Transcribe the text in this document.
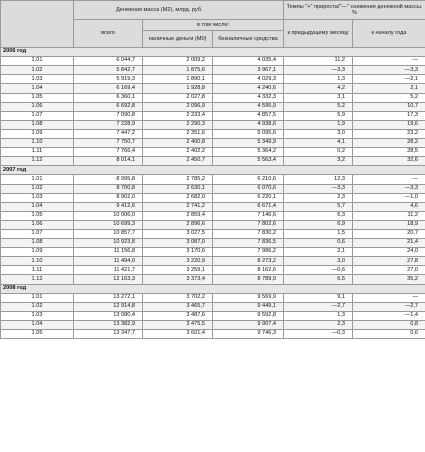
	Денежная масса (М2), млрд. руб.			Темпы "+" прироста/"—" снижения денежной массы, %	
	всего	в том числе:		к предыдущему месяцу	к началу года
		наличные деньги (М0)	безналичные средства		
2006 год					
1.01	6 044,7	2 009,2	4 035,4	11,2	—
1.02	5 842,7	1 875,6	3 967,1	—3,3	—3,3
1.03	5 919,3	1 890,1	4 029,3	1,3	—2,1
1.04	6 169,4	1 928,8	4 240,6	4,2	2,1
1.05	6 360,1	2 027,8	4 332,3	3,1	5,2
1.06	6 692,8	2 096,9	4 595,9	5,2	10,7
1.07	7 090,8	2 233,4	4 857,5	5,9	17,3
1.08	7 228,9	2 290,3	4 938,6	1,9	19,6
1.09	7 447,2	2 351,6	5 095,6	3,0	23,2
1.10	7 750,7	2 400,8	5 349,9	4,1	28,2
1.11	7 766,4	2 402,2	5 364,2	0,2	28,5
1.12	8 014,1	2 450,7	5 563,4	3,2	32,6
2007 год					
1.01	8 995,8	2 785,2	6 210,6	12,3	—
1.02	8 700,8	2 630,1	6 070,6	—3,3	—3,3
1.03	8 902,0	2 682,0	6 220,1	2,3	—1,0
1.04	9 412,6	2 741,2	6 671,4	5,7	4,6
1.05	10 006,0	2 859,4	7 146,6	6,3	11,2
1.06	10 699,3	2 896,6	7 802,6	6,9	18,9
1.07	10 857,7	3 027,5	7 830,2	1,5	20,7
1.08	10 923,8	3 087,0	7 836,5	0,6	21,4
1.09	11 156,8	3 170,6	7 986,2	2,1	24,0
1.10	11 494,0	3 220,9	8 273,2	3,0	27,8
1.11	11 421,7	3 259,1	8 162,6	—0,6	27,0
1.12	12 163,3	3 373,4	8 789,9	6,5	35,2
2008 год					
1.01	13 272,1	3 702,2	9 569,9	9,1	—
1.02	12 914,8	3 465,7	9 449,1	—2,7	—2,7
1.03	13 080,4	3 487,6	9 592,8	1,3	—1,4
1.04	13 382,9	3 475,5	9 907,4	2,3	0,8
1.05	13 347,7	3 601,4	9 746,3	—0,3	0,6
